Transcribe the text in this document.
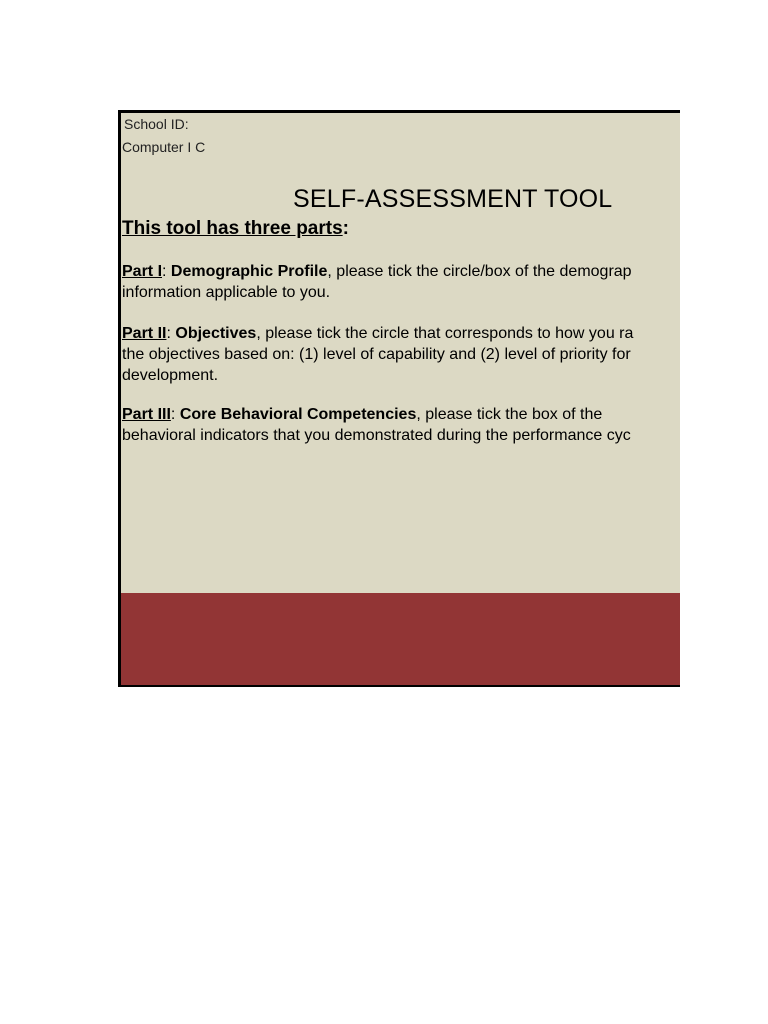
School ID:
Computer I C
SELF-ASSESSMENT TOOL
This tool has three parts:
Part I: Demographic Profile, please tick the circle/box of the demograp
information applicable to you.
Part II: Objectives, please tick the circle that corresponds to how you ra
the objectives based on: (1) level of capability and (2) level of priority for
development.
Part III: Core Behavioral Competencies, please tick the box of the
behavioral indicators that you demonstrated during the performance cyc
